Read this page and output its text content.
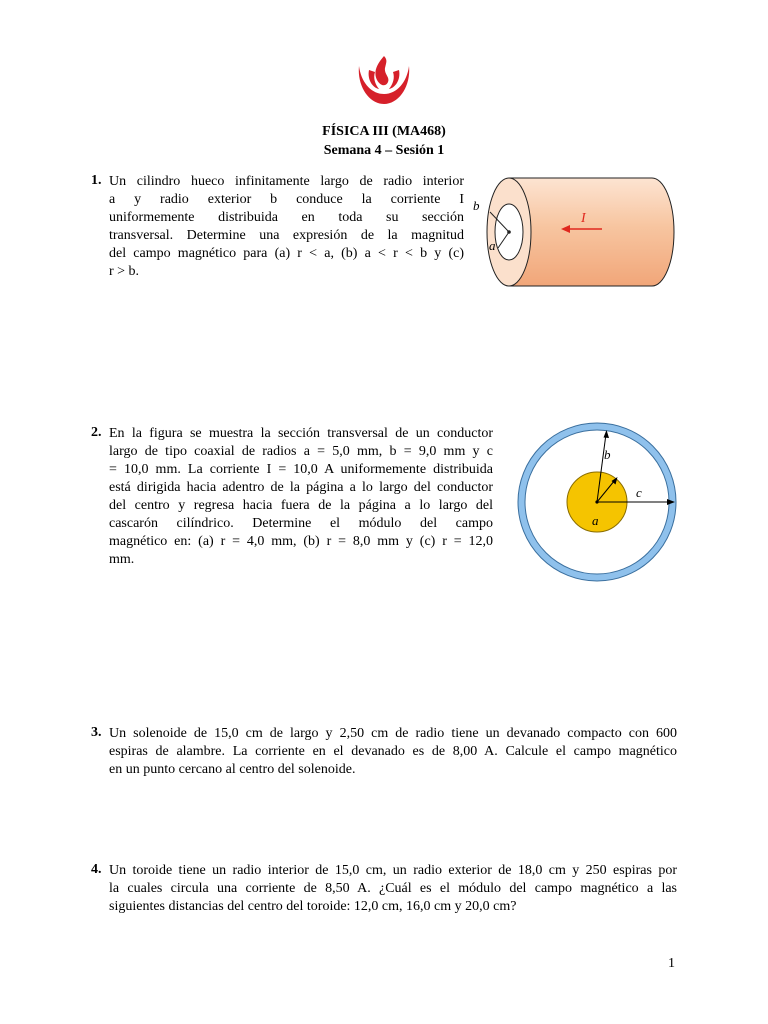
FÍSICA III (MA468)
Semana 4 – Sesión 1
1. Un cilindro hueco infinitamente largo de radio interior
a y radio exterior b conduce la corriente I
uniformemente distribuida en toda su sección
transversal. Determine una expresión de la magnitud
del campo magnético para (a) r < a, (b) a < r < b y (c)
r > b.
b
a
I
2. En la figura se muestra la sección transversal de un conductor
largo de tipo coaxial de radios a = 5,0 mm, b = 9,0 mm y c
= 10,0 mm. La corriente I = 10,0 A uniformemente distribuida
está dirigida hacia adentro de la página a lo largo del conductor
del centro y regresa hacia fuera de la página a lo largo del
cascarón cilíndrico. Determine el módulo del campo
magnético en: (a) r = 4,0 mm, (b) r = 8,0 mm y (c) r = 12,0
mm.
b
c
a
3. Un solenoide de 15,0 cm de largo y 2,50 cm de radio tiene un devanado compacto con 600
espiras de alambre. La corriente en el devanado es de 8,00 A. Calcule el campo magnético
en un punto cercano al centro del solenoide.
4. Un toroide tiene un radio interior de 15,0 cm, un radio exterior de 18,0 cm y 250 espiras por
la cuales circula una corriente de 8,50 A. ¿Cuál es el módulo del campo magnético a las
siguientes distancias del centro del toroide: 12,0 cm, 16,0 cm y 20,0 cm?
1
